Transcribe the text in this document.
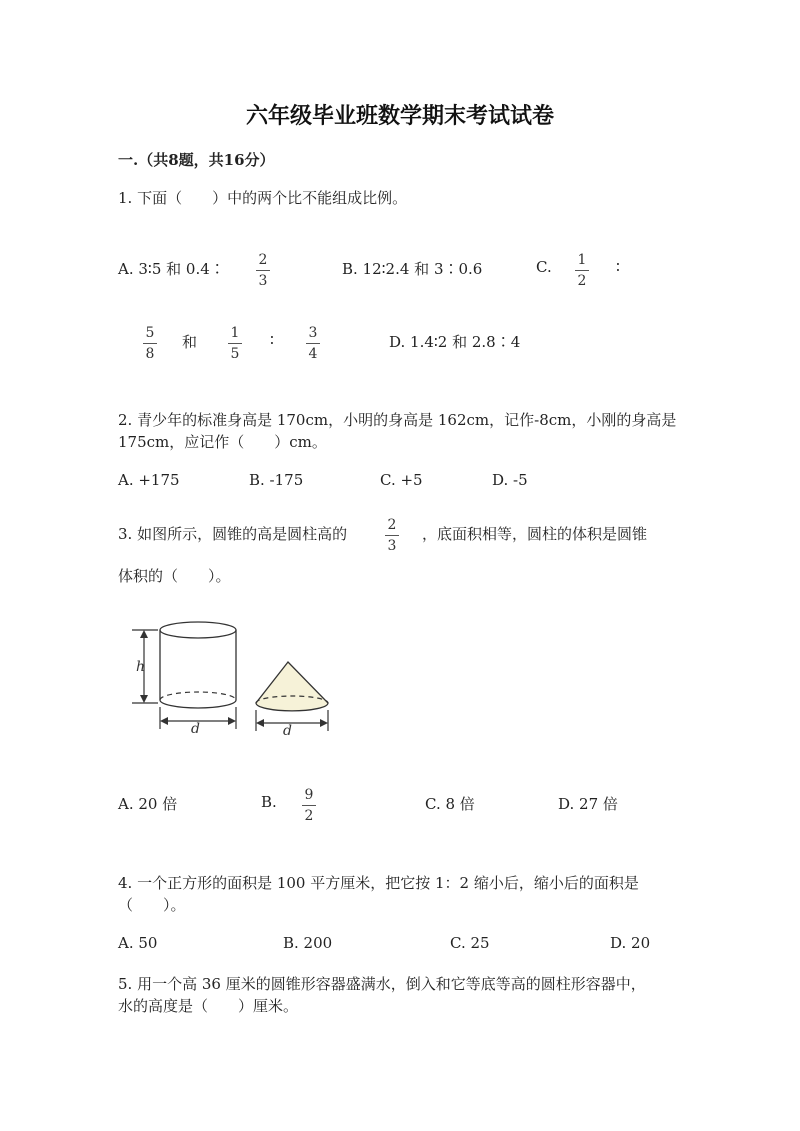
六年级毕业班数学期末考试试卷
一.（共8题，共16分）
1. 下面（　　）中的两个比不能组成比例。
A. 3∶5 和 0.4∶ 2
3
B. 12∶2.4 和 3∶0.6	C. 1
2
∶
5
8
和 1
5
∶ 3
4
D. 1.4∶2 和 2.8∶4
2. 青少年的标准身高是 170cm，小明的身高是 162cm，记作-8cm，小刚的身高是
175cm，应记作（　　）cm。
A. +175	B. -175	C. +5	D. -5
3. 如图所示，圆锥的高是圆柱高的	2
3
，底面积相等，圆柱的体积是圆锥
体积的（　　）。
h
d	d
A. 20 倍	B. 9
2
C. 8 倍	D. 27 倍
4. 一个正方形的面积是 100 平方厘米，把它按 1：2 缩小后，缩小后的面积是
（　　）。
A. 50	B. 200	C. 25	D. 20
5. 用一个高 36 厘米的圆锥形容器盛满水，倒入和它等底等高的圆柱形容器中，
水的高度是（　　）厘米。
